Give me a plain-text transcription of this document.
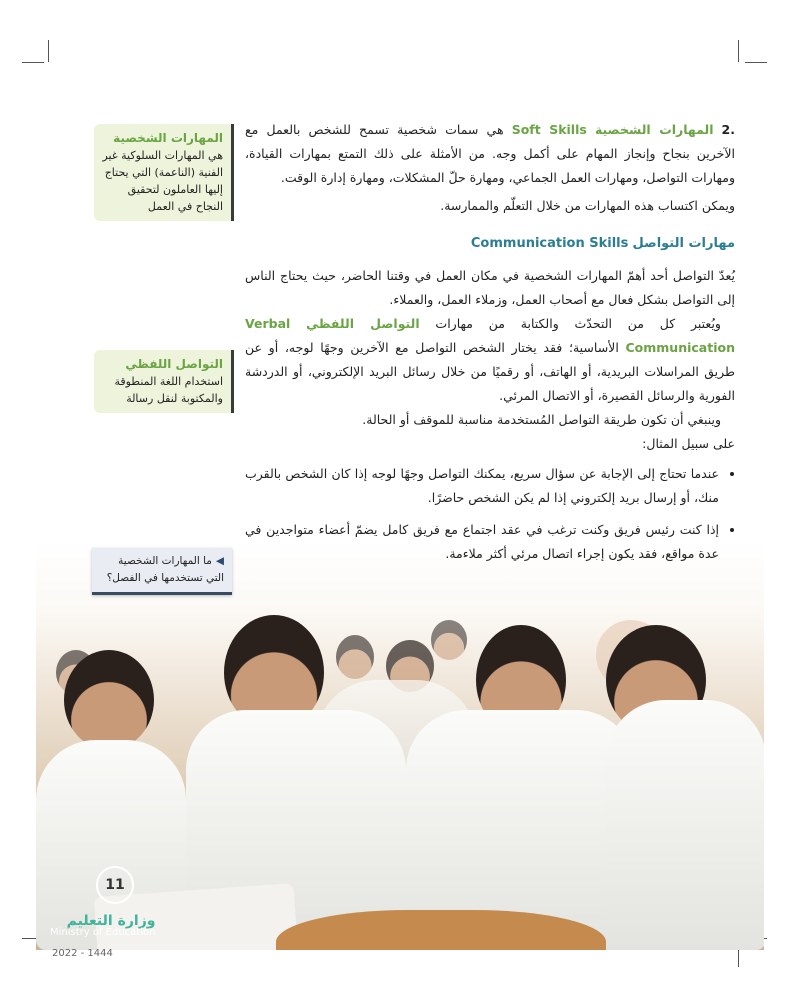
.2المهارات الشخصية Soft Skills هي سمات شخصية تسمح للشخص بالعمل مع الآخرين بنجاح وإنجاز المهام على أكمل وجه. من الأمثلة على ذلك التمتع بمهارات القيادة، ومهارات التواصل، ومهارات العمل الجماعي، ومهارة حلّ المشكلات، ومهارة إدارة الوقت.

ويمكن اكتساب هذه المهارات من خلال التعلّم والممارسة.

مهارات التواصل Communication Skills

يُعدّ التواصل أحد أهمّ المهارات الشخصية في مكان العمل في وقتنا الحاضر، حيث يحتاج الناس إلى التواصل بشكل فعال مع أصحاب العمل، وزملاء العمل، والعملاء.

ويُعتبر كل من التحدّث والكتابة من مهارات التواصل اللفظي Verbal Communication الأساسية؛ فقد يختار الشخص التواصل مع الآخرين وجهًا لوجه، أو عن طريق المراسلات البريدية، أو الهاتف، أو رقميًا من خلال رسائل البريد الإلكتروني، أو الدردشة الفورية والرسائل القصيرة، أو الاتصال المرئي.

وينبغي أن تكون طريقة التواصل المُستخدمة مناسبة للموقف أو الحالة.

على سبيل المثال:

• عندما تحتاج إلى الإجابة عن سؤال سريع، يمكنك التواصل وجهًا لوجه إذا كان الشخص بالقرب منك، أو إرسال بريد إلكتروني إذا لم يكن الشخص حاضرًا.
• إذا كنت رئيس فريق وكنت ترغب في عقد اجتماع مع فريق كامل يضمّ أعضاء متواجدين في عدة مواقع، فقد يكون إجراء اتصال مرئي أكثر ملاءمة.
المهارات الشخصية
هي المهارات السلوكية غير الفنية (الناعمة) التي يحتاج إليها العاملون لتحقيق النجاح في العمل
التواصل اللفظي
استخدام اللغة المنطوقة والمكتوبة لنقل رسالة
◀ما المهارات الشخصية التي تستخدمها في الفصل؟
11
وزارة التعليم
Ministry of Education
2022 - 1444
